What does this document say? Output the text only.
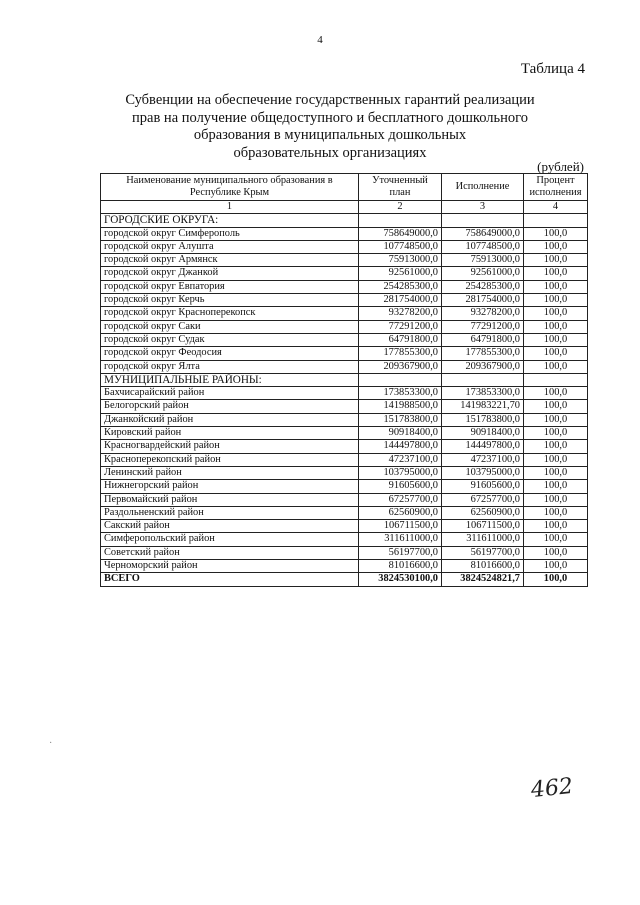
4
Таблица 4
Субвенции на обеспечение государственных гарантий реализации
прав на получение общедоступного и бесплатного дошкольного
образования в муниципальных дошкольных
образовательных организациях
(рублей)
Наименование муниципального образования в Республике Крым	Уточненный план	Исполнение	Процент исполнения
1	2	3	4
ГОРОДСКИЕ ОКРУГА:			
городской округ Симферополь	758649000,0	758649000,0	100,0
городской округ Алушта	107748500,0	107748500,0	100,0
городской округ Армянск	75913000,0	75913000,0	100,0
городской округ Джанкой	92561000,0	92561000,0	100,0
городской округ Евпатория	254285300,0	254285300,0	100,0
городской округ Керчь	281754000,0	281754000,0	100,0
городской округ Красноперекопск	93278200,0	93278200,0	100,0
городской округ Саки	77291200,0	77291200,0	100,0
городской округ Судак	64791800,0	64791800,0	100,0
городской округ Феодосия	177855300,0	177855300,0	100,0
городской округ Ялта	209367900,0	209367900,0	100,0
МУНИЦИПАЛЬНЫЕ РАЙОНЫ:			
Бахчисарайский район	173853300,0	173853300,0	100,0
Белогорский район	141988500,0	141983221,70	100,0
Джанкойский район	151783800,0	151783800,0	100,0
Кировский район	90918400,0	90918400,0	100,0
Красногвардейский район	144497800,0	144497800,0	100,0
Красноперекопский район	47237100,0	47237100,0	100,0
Ленинский район	103795000,0	103795000,0	100,0
Нижнегорский район	91605600,0	91605600,0	100,0
Первомайский район	67257700,0	67257700,0	100,0
Раздольненский район	62560900,0	62560900,0	100,0
Сакский район	106711500,0	106711500,0	100,0
Симферопольский район	311611000,0	311611000,0	100,0
Советский район	56197700,0	56197700,0	100,0
Черноморский район	81016600,0	81016600,0	100,0
ВСЕГО	3824530100,0	3824524821,7	100,0
·
462
